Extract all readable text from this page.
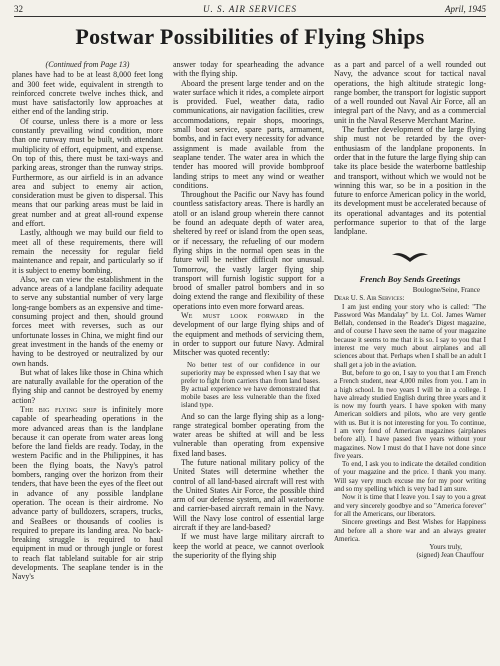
32	U. S. AIR SERVICES	April, 1945
Postwar Possibilities of Flying Ships
(Continued from Page 13)

planes have had to be at least 8,000 feet long and 300 feet wide, equivalent in strength to reinforced concrete twelve inches thick, and must have satisfactorily low approaches at either end of the landing strip.

Of course, unless there is a more or less constantly prevailing wind condition, more than one runway must be built, with attendant multiplicity of effort, equipment, and expense. On top of this, there must be taxi-ways and parking areas, stronger than the runway strips. Furthermore, as our airfield is in an advance area and subject to enemy air action, consideration must be given to dispersal. This means that our parking areas must be laid in great number and at great all-round expense and effort.

Lastly, although we may build our field to meet all of these requirements, there will remain the necessity for regular field maintenance and repair, and particularly so if it is subject to enemy bombing.

Also, we can view the establishment in the advance areas of a landplane facility adequate to serve any substantial number of very large long-range bombers as an expensive and time-consuming project and then, should ground forces meet with reverses, such as our unfortunate losses in China, we might find our great investment in the hands of the enemy or having to be destroyed or neutralized by our own hands.

But what of lakes like those in China which are naturally available for the operation of the flying ship and cannot be destroyed by enemy action?

The big flying ship is infinitely more capable of spearheading operations in the more advanced areas than is the landplane because it can operate from water areas long before the land fields are ready. Today, in the western Pacific and in the Philippines, it has been the flying boats, the Navy's patrol bombers, ranging over the horizon from their tenders, that have been the eyes of the fleet out in advance of any possible landplane operation. The ocean is their airdrome. No advance party of bulldozers, scrapers, trucks, and SeaBees or thousands of coolies is required to prepare its landing area. No back-breaking struggle is required to haul equipment in mud or through jungle or forest to reach flat tableland suitable for air strip developments. The seaplane tender is in the Navy's

answer today for spearheading the advance with the flying ship.

Aboard the present large tender and on the water surface which it rides, a complete airport is provided. Fuel, weather data, radio communications, air navigation facilities, crew accommodations, repair shops, moorings, small boat service, spare parts, armament, bombs, and in fact every necessity for advance assignment is made available from the seaplane tender. The water area in which the tender has moored will provide bombproof landing strips to meet any wind or weather conditions.

Throughout the Pacific our Navy has found countless satisfactory areas. There is hardly an atoll or an island group wherein there cannot be found an adequate depth of water area, sheltered by reef or island from the open seas, or if necessary, the refueling of our modern flying ships in the normal open seas in the future will be neither difficult nor unusual. Tomorrow, the vastly larger flying ship transport will furnish logistic support for a brood of smaller patrol bombers and in so doing extend the range and flexibility of these operations into even more forward areas.

We must look forward in the development of our large flying ships and of the equipment and methods of servicing them, in order to support our future Navy. Admiral Mitscher was quoted recently:

No better test of our confidence in our superiority may be expressed when I say that we prefer to fight from carriers than from land bases. By actual experience we have demonstrated that mobile bases are less vulnerable than the fixed island type.

And so can the large flying ship as a long-range strategical bomber operating from the water areas be shifted at will and be less vulnerable than operating from expensive fixed land bases.

The future national military policy of the United States will determine whether the control of all land-based aircraft will rest with the United States Air Force, the possible third arm of our defense system, and all waterborne and carrier-based aircraft remain in the Navy. Will the Navy lose control of essential large aircraft if they are land-based?

If we must have large military aircraft to keep the world at peace, we cannot overlook the superiority of the flying ship

as a part and parcel of a well rounded out Navy, the advance scout for tactical naval operations, the high altitude strategic long-range bomber, the transport for logistic support of a well rounded out Naval Air Force, all an integral part of the Navy, and as a commercial unit in the Naval Reserve Merchant Marine.

The further development of the large flying ship must not be retarded by the over-enthusiasm of the landplane proponents. In order that in the future the large flying ship can take its place beside the waterborne battleship and transport, without which we would not be winning this war, so be in a position in the future to enforce American policy in the world, its development must be accelerated because of its operational advantages and its potential performance superior to that of the large landplane.

French Boy Sends Greetings
Boulogne/Seine, France
Dear U. S. Air Services:

I am just ending your story who is called: "The Password Was Mandalay" by Lt. Col. James Warner Bellah, condensed in the Reader's Digest magazine, and of course I have seen the name of your magazine because it seems to me that it is so. I say to you that I interest me very much about airplanes and all sciences about that. Perhaps when I shall be an adult I shall get a job in the aviation.

But, before to go on, I say to you that I am French a French student, near 4,000 miles from you. I am in a high school. In two years I will be in a college. I have already studied English during three years and it is now my fourth years. I have spoken with many American soldiers and pilots, who are very gentle with us. But it is not interesting for you. To continue, I am very fond of American magazines (airplanes before all). I have passed five years without your magazines. Now I must do that I have not done since five years.

To end, I ask you to indicate the detailed condition of your magazine and the price. I thank you many. Will say very much excuse me for my poor writing and so my spelling which is very bad I am sure.

Now it is time that I leave you. I say to you a great and very sincerely goodbye and so "America forever" for all the Americans, our liberators.

Sincere greetings and Best Wishes for Happiness and before all a shore war and an always greater America.

Yours truly,
(signed) Jean Chauffour
